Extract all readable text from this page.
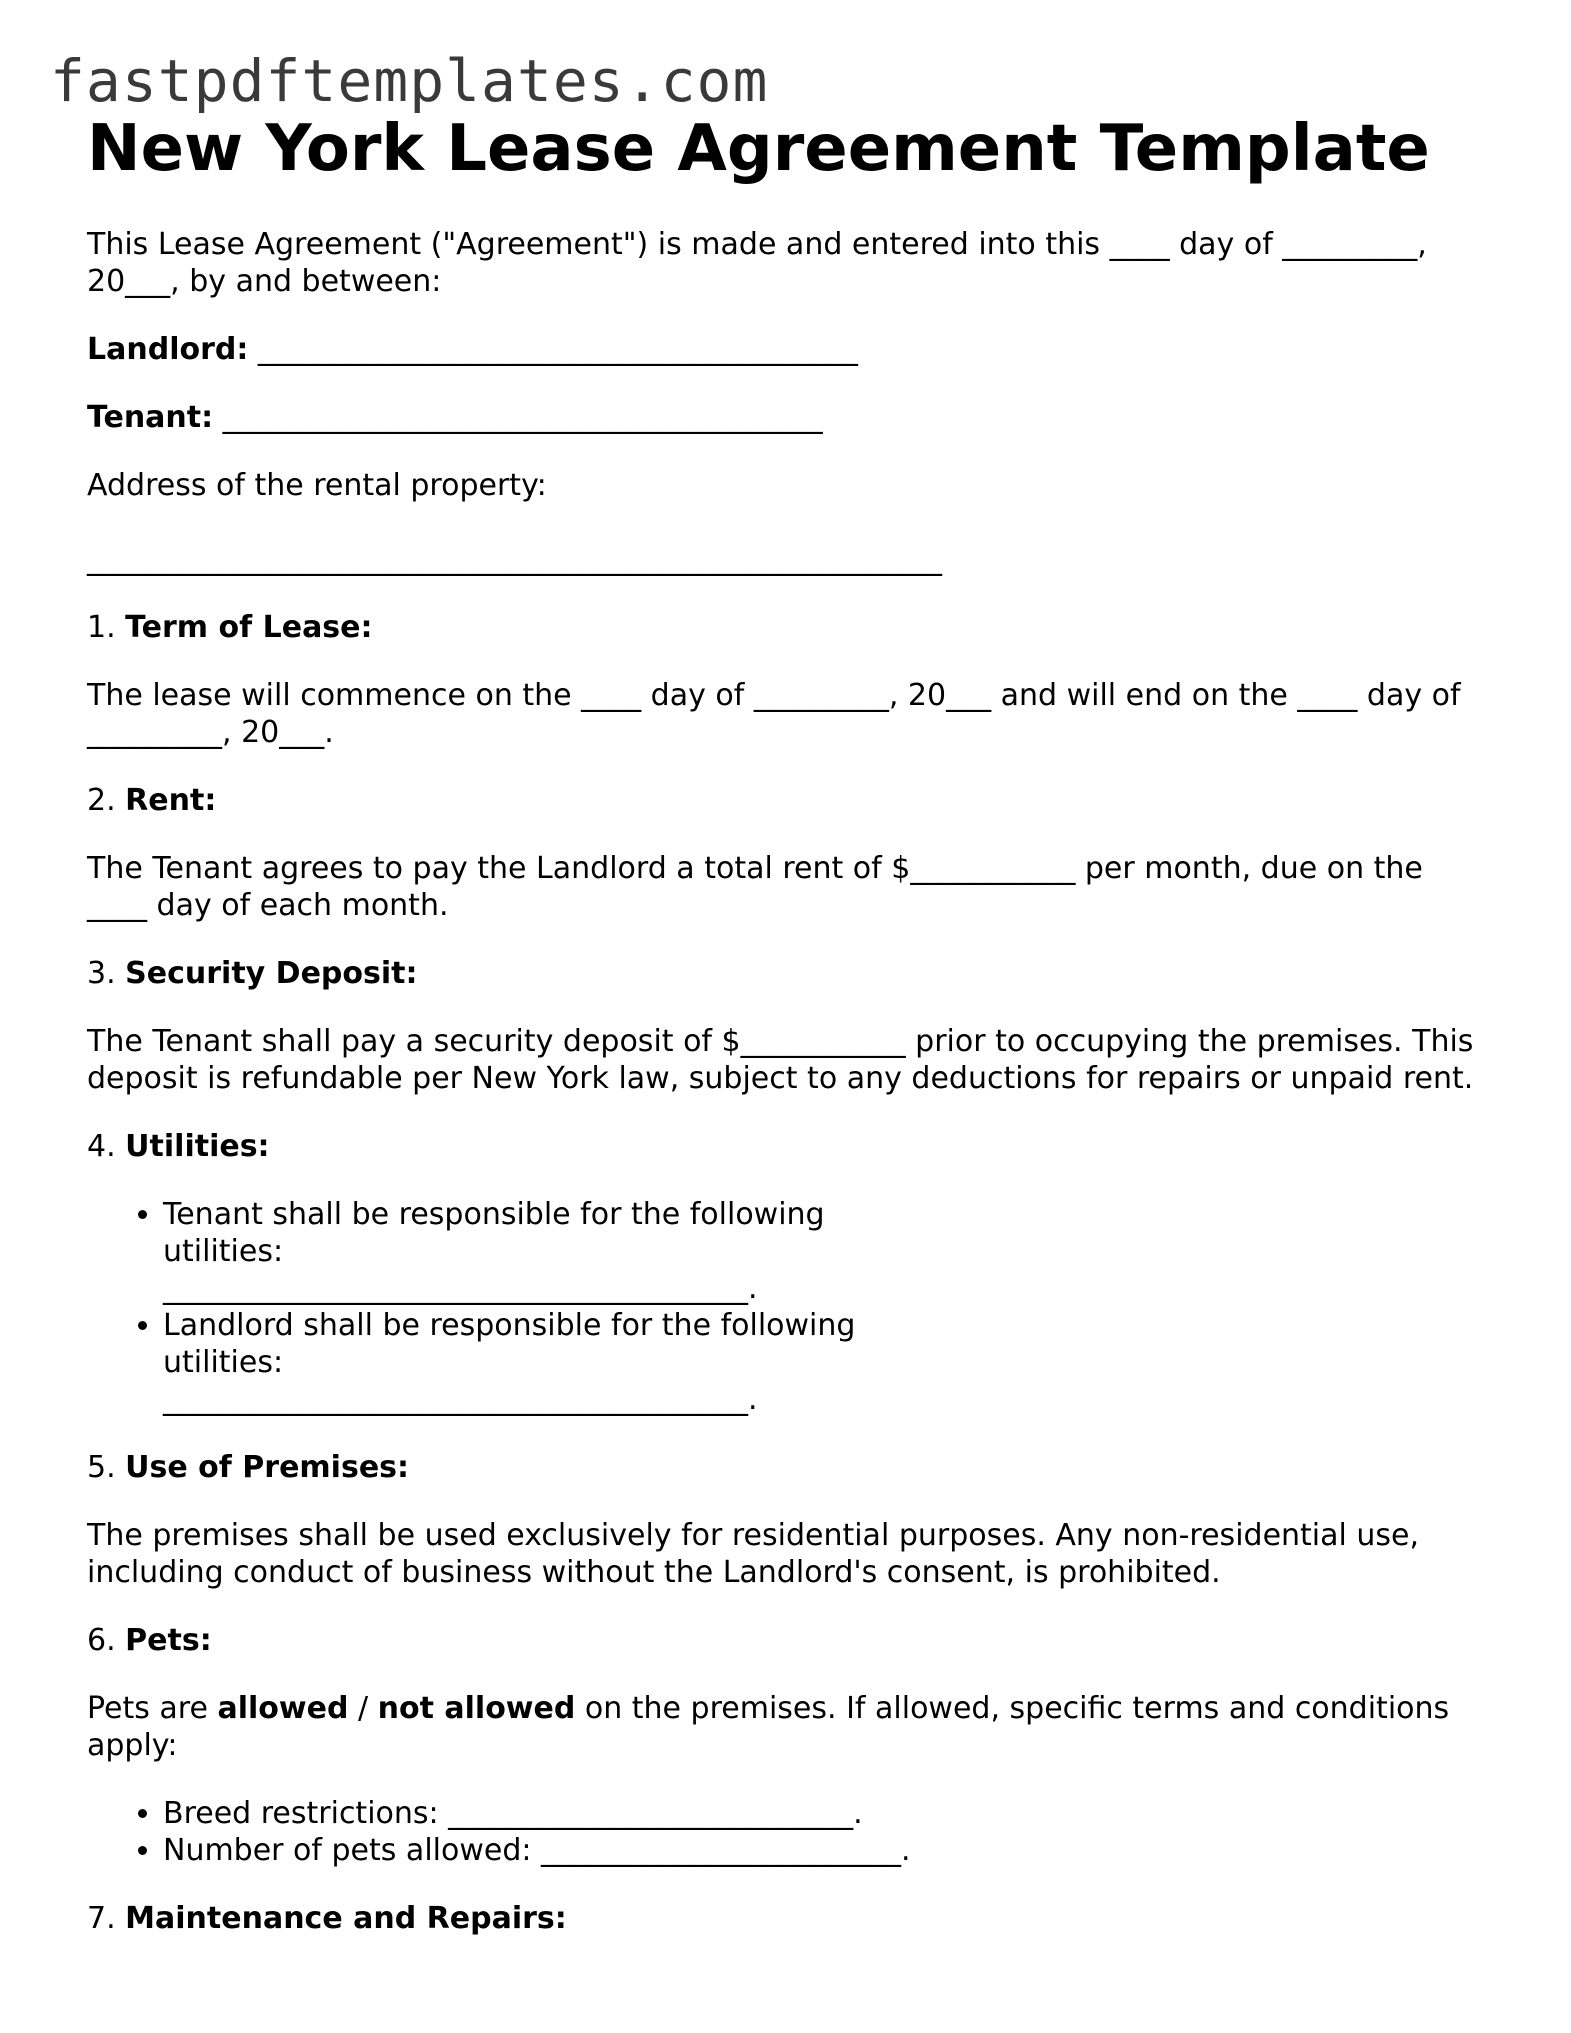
fastpdftemplates.com
New York Lease Agreement Template

This Lease Agreement ("Agreement") is made and entered into this ____ day of _________, 20___, by and between:

Landlord: ________________________________________

Tenant: ________________________________________

Address of the rental property:

_________________________________________________________

1. Term of Lease:

The lease will commence on the ____ day of _________, 20___ and will end on the ____ day of _________, 20___.

2. Rent:

The Tenant agrees to pay the Landlord a total rent of $___________ per month, due on the ____ day of each month.

3. Security Deposit:

The Tenant shall pay a security deposit of $___________ prior to occupying the premises. This deposit is refundable per New York law, subject to any deductions for repairs or unpaid rent.

4. Utilities:

• Tenant shall be responsible for the following utilities: _______________________________________.
• Landlord shall be responsible for the following utilities: _______________________________________.

5. Use of Premises:

The premises shall be used exclusively for residential purposes. Any non-residential use, including conduct of business without the Landlord's consent, is prohibited.

6. Pets:

Pets are allowed / not allowed on the premises. If allowed, specific terms and conditions apply:

• Breed restrictions: ___________________________.
• Number of pets allowed: ________________________.

7. Maintenance and Repairs:
